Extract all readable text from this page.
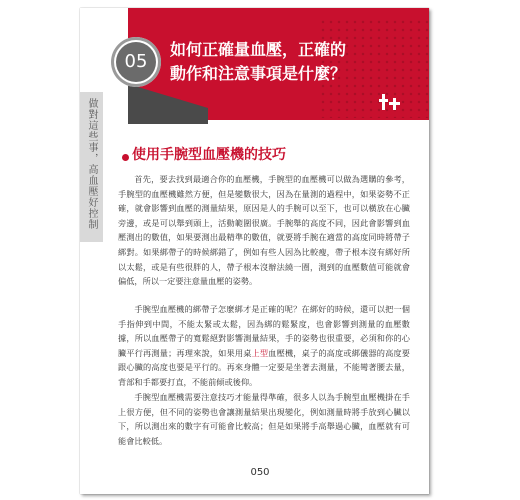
做對這些事，高血壓好控制
05
如何正確量血壓，正確的
動作和注意事項是什麼？
使用手腕型血壓機的技巧

首先，要去找到最適合你的血壓機，手腕型的血壓機可以做為選購的參考，手腕型的血壓機雖然方便，但是變數很大，因為在量測的過程中，如果姿勢不正確，就會影響到血壓的測量結果，原因是人的手腕可以至下，也可以橫放在心臟旁邊，或是可以舉到頭上，活動範圍很廣。手腕舉的高度不同，因此會影響到血壓測出的數值，如果要測出最精準的數值，就要將手腕在適當的高度同時將帶子綁對。如果綁帶子的時候綁錯了，例如有些人因為比較瘦，帶子根本沒有綁好所以太鬆，或是有些很胖的人，帶子根本沒辦法繞一圈，測到的血壓數值可能就會偏低，所以一定要注意量血壓的姿勢。

手腕型血壓機的綁帶子怎麼綁才是正確的呢？在綁好的時候，還可以把一個手指伸到中間，不能太緊或太鬆，因為綁的鬆緊度，也會影響到測量的血壓數據，所以血壓帶子的寬鬆絕對影響測量結果，手的姿勢也很重要，必須和你的心臟平行再測量；再理來說，如果用桌上型血壓機，桌子的高度或綁儀器的高度要跟心臟的高度也要是平行的。再來身體一定要是坐著去測量，不能彎著腰去量，背部和手都要打直，不能前傾或後仰。

手腕型血壓機需要注意技巧才能量得準確，很多人以為手腕型血壓機掛在手上很方便，但不同的姿勢也會讓測量結果出現變化，例如測量時將手放到心臟以下，所以測出來的數字有可能會比較高；但是如果將手高舉過心臟，血壓就有可能會比較低。

050
